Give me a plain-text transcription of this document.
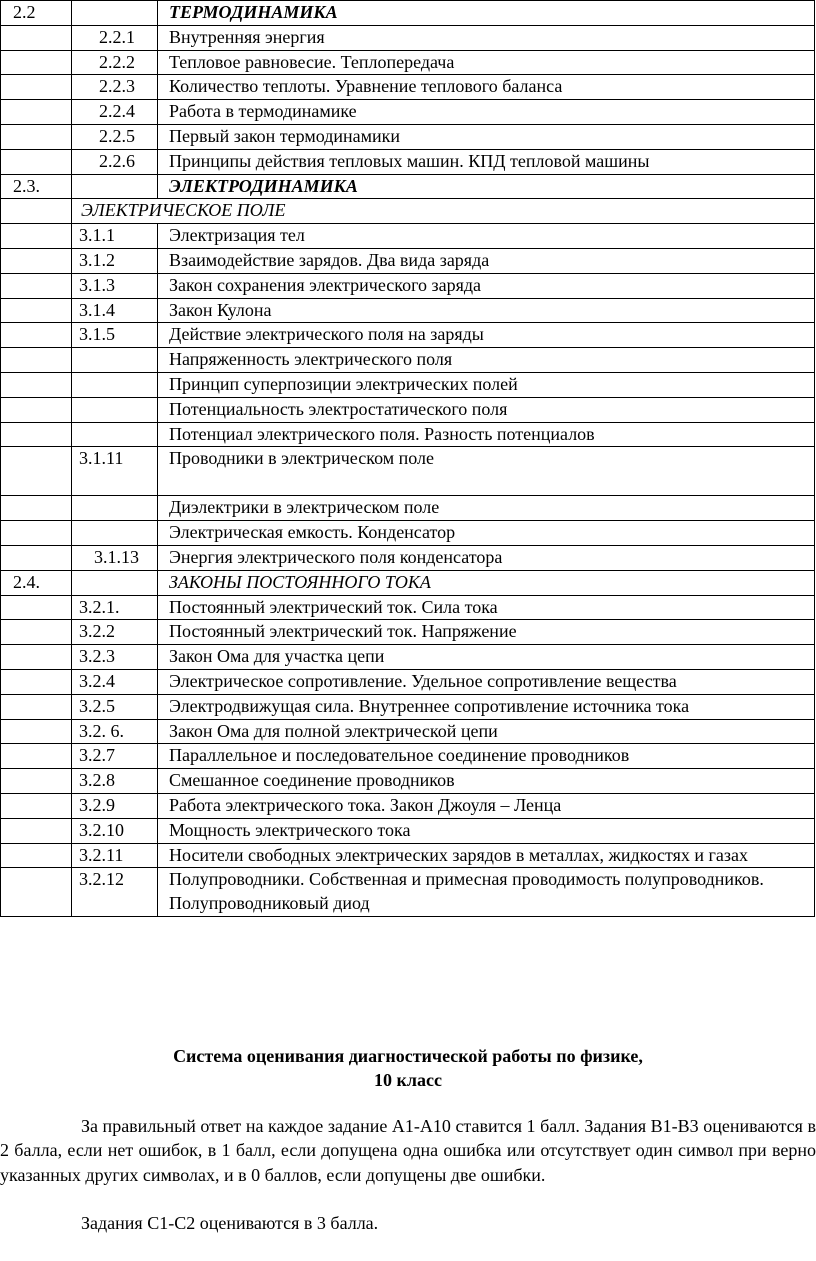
2.2		ТЕРМОДИНАМИКА
	2.2.1	Внутренняя энергия
	2.2.2	Тепловое равновесие. Теплопередача
	2.2.3	Количество теплоты. Уравнение теплового баланса
	2.2.4	Работа в термодинамике
	2.2.5	Первый закон термодинамики
	2.2.6	Принципы действия тепловых машин. КПД тепловой машины
2.3.		ЭЛЕКТРОДИНАМИКА
	ЭЛЕКТРИЧЕСКОЕ ПОЛЕ	
	3.1.1	Электризация тел
	3.1.2	Взаимодействие зарядов. Два вида заряда
	3.1.3	Закон сохранения электрического заряда
	3.1.4	Закон Кулона
	3.1.5	Действие электрического поля на заряды
		Напряженность электрического поля
		Принцип суперпозиции электрических полей
		Потенциальность электростатического поля
		Потенциал электрического поля. Разность потенциалов
	3.1.11	Проводники в электрическом поле
		Диэлектрики в электрическом поле
		Электрическая емкость. Конденсатор
	3.1.13	Энергия электрического поля конденсатора
2.4.		ЗАКОНЫ ПОСТОЯННОГО ТОКА
	3.2.1.	Постоянный электрический ток. Сила тока
	3.2.2	Постоянный электрический ток. Напряжение
	3.2.3	Закон Ома для участка цепи
	3.2.4	Электрическое сопротивление. Удельное сопротивление вещества
	3.2.5	Электродвижущая сила. Внутреннее сопротивление источника тока
	3.2. 6.	Закон Ома для полной электрической цепи
	3.2.7	Параллельное и последовательное соединение проводников
	3.2.8	Смешанное соединение проводников
	3.2.9	Работа электрического тока. Закон Джоуля – Ленца
	3.2.10	Мощность электрического тока
	3.2.11	Носители свободных электрических зарядов в металлах, жидкостях и газах
	3.2.12	Полупроводники. Собственная и примесная проводимость полупроводников. Полупроводниковый диод
Система оценивания диагностической работы по физике,
10 класс

За правильный ответ на каждое задание А1-А10 ставится 1 балл. Задания В1-В3 оцениваются в 2 балла, если нет ошибок, в 1 балл, если допущена одна ошибка или отсутствует один символ при верно указанных других символах, и в 0 баллов, если допущены две ошибки.

Задания С1-С2 оцениваются в 3 балла.
